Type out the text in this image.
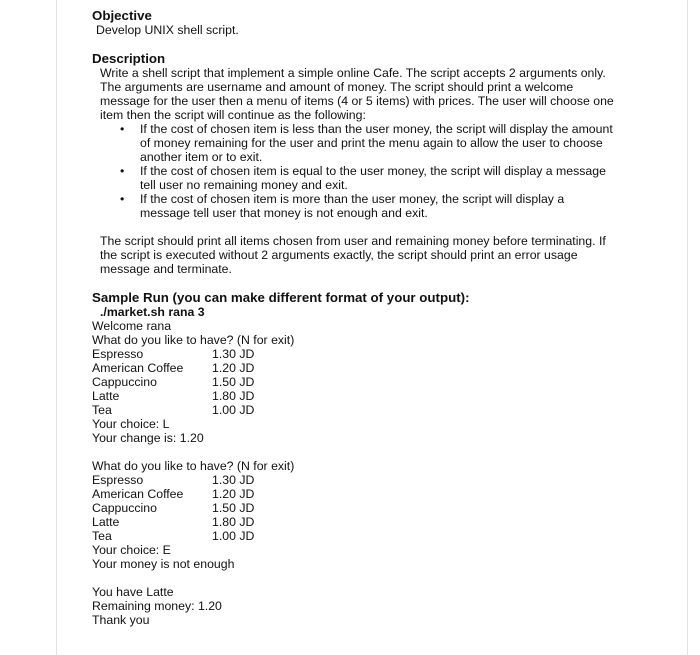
Objective
Develop UNIX shell script.
Description
Write a shell script that implement a simple online Cafe. The script accepts 2 arguments only. The arguments are username and amount of money. The script should print a welcome message for the user then a menu of items (4 or 5 items) with prices. The user will choose one item then the script will continue as the following:
• If the cost of chosen item is less than the user money, the script will display the amount of money remaining for the user and print the menu again to allow the user to choose another item or to exit.
• If the cost of chosen item is equal to the user money, the script will display a message tell user no remaining money and exit.
• If the cost of chosen item is more than the user money, the script will display a message tell user that money is not enough and exit.
The script should print all items chosen from user and remaining money before terminating. If the script is executed without 2 arguments exactly, the script should print an error usage message and terminate.
Sample Run (you can make different format of your output):
./market.sh rana 3
Welcome rana
What do you like to have? (N for exit)
Espresso	1.30 JD
American Coffee	1.20 JD
Cappuccino	1.50 JD
Latte	1.80 JD
Tea	1.00 JD
Your choice: L
Your change is: 1.20
What do you like to have? (N for exit)
Espresso	1.30 JD
American Coffee	1.20 JD
Cappuccino	1.50 JD
Latte	1.80 JD
Tea	1.00 JD
Your choice: E
Your money is not enough
You have Latte
Remaining money: 1.20
Thank you
